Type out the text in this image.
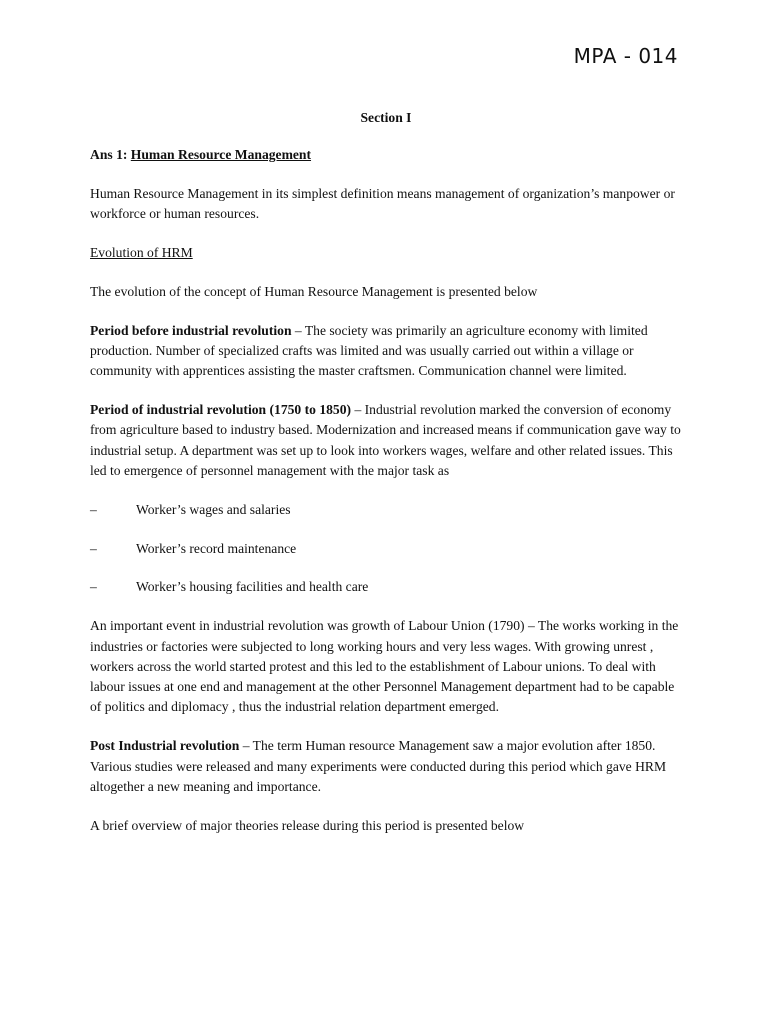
MPA - 014

Section I

Ans 1: Human Resource Management

Human Resource Management in its simplest definition means management of organization’s manpower or workforce or human resources.

Evolution of HRM

The evolution of the concept of Human Resource Management is presented below

Period before industrial revolution – The society was primarily an agriculture economy with limited production. Number of specialized crafts was limited and was usually carried out within a village or community with apprentices assisting the master craftsmen. Communication channel were limited.

Period of industrial revolution (1750 to 1850) – Industrial revolution marked the conversion of economy from agriculture based to industry based. Modernization and increased means if communication gave way to industrial setup. A department was set up to look into workers wages, welfare and other related issues. This led to emergence of personnel management with the major task as

–	Worker’s wages and salaries
–	Worker’s record maintenance
–	Worker’s housing facilities and health care

An important event in industrial revolution was growth of Labour Union (1790) – The works working in the industries or factories were subjected to long working hours and very less wages. With growing unrest , workers across the world started protest and this led to the establishment of Labour unions. To deal with labour issues at one end and management at the other Personnel Management department had to be capable of politics and diplomacy , thus the industrial relation department emerged.

Post Industrial revolution – The term Human resource Management saw a major evolution after 1850. Various studies were released and many experiments were conducted during this period which gave HRM altogether a new meaning and importance.

A brief overview of major theories release during this period is presented below
